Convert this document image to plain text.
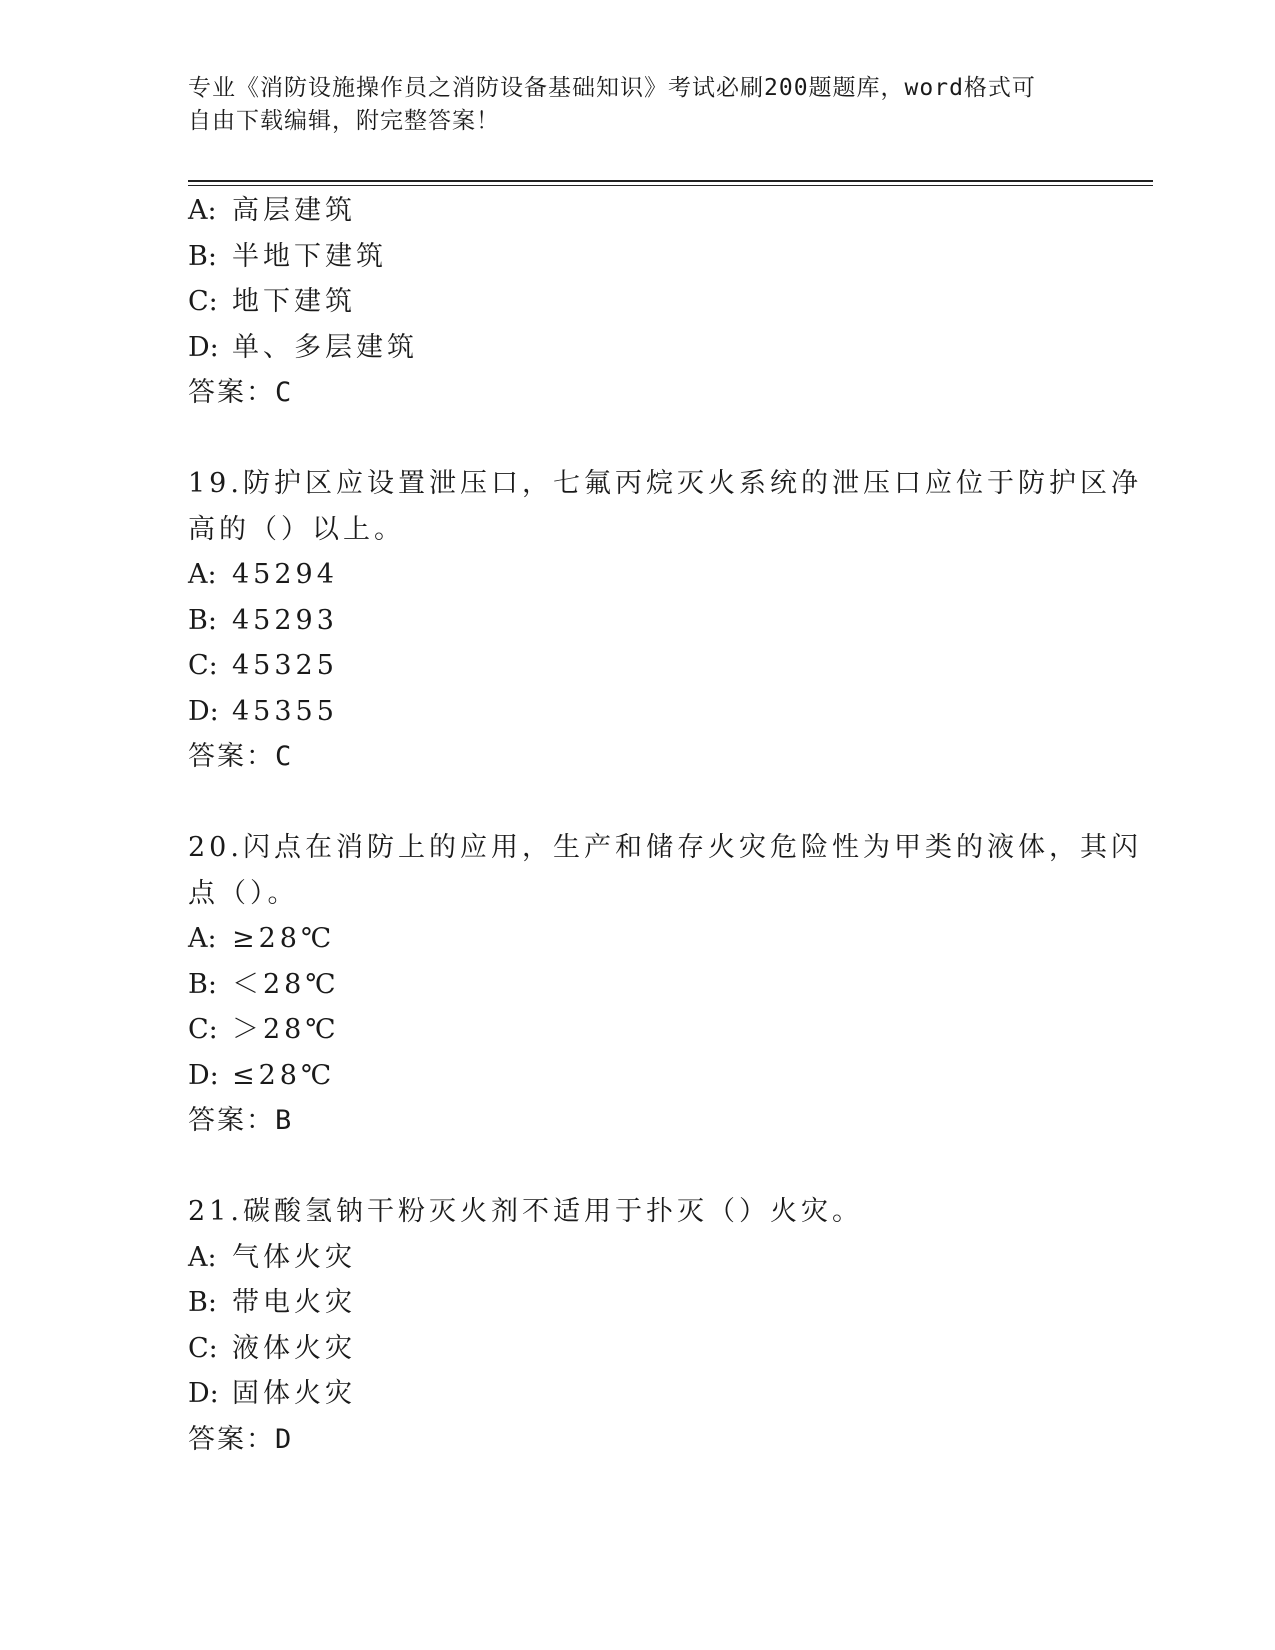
专业《消防设施操作员之消防设备基础知识》考试必刷200题题库，word格式可
自由下载编辑，附完整答案！
A: 高层建筑
B: 半地下建筑
C: 地下建筑
D: 单、多层建筑
答案：C
19.防护区应设置泄压口，七氟丙烷灭火系统的泄压口应位于防护区净
高的（）以上。
A: 45294
B: 45293
C: 45325
D: 45355
答案：C
20.闪点在消防上的应用，生产和储存火灾危险性为甲类的液体，其闪
点（）。
A: ≥28℃
B: ＜28℃
C: ＞28℃
D: ≤28℃
答案：B
21.碳酸氢钠干粉灭火剂不适用于扑灭（）火灾。
A: 气体火灾
B: 带电火灾
C: 液体火灾
D: 固体火灾
答案：D
